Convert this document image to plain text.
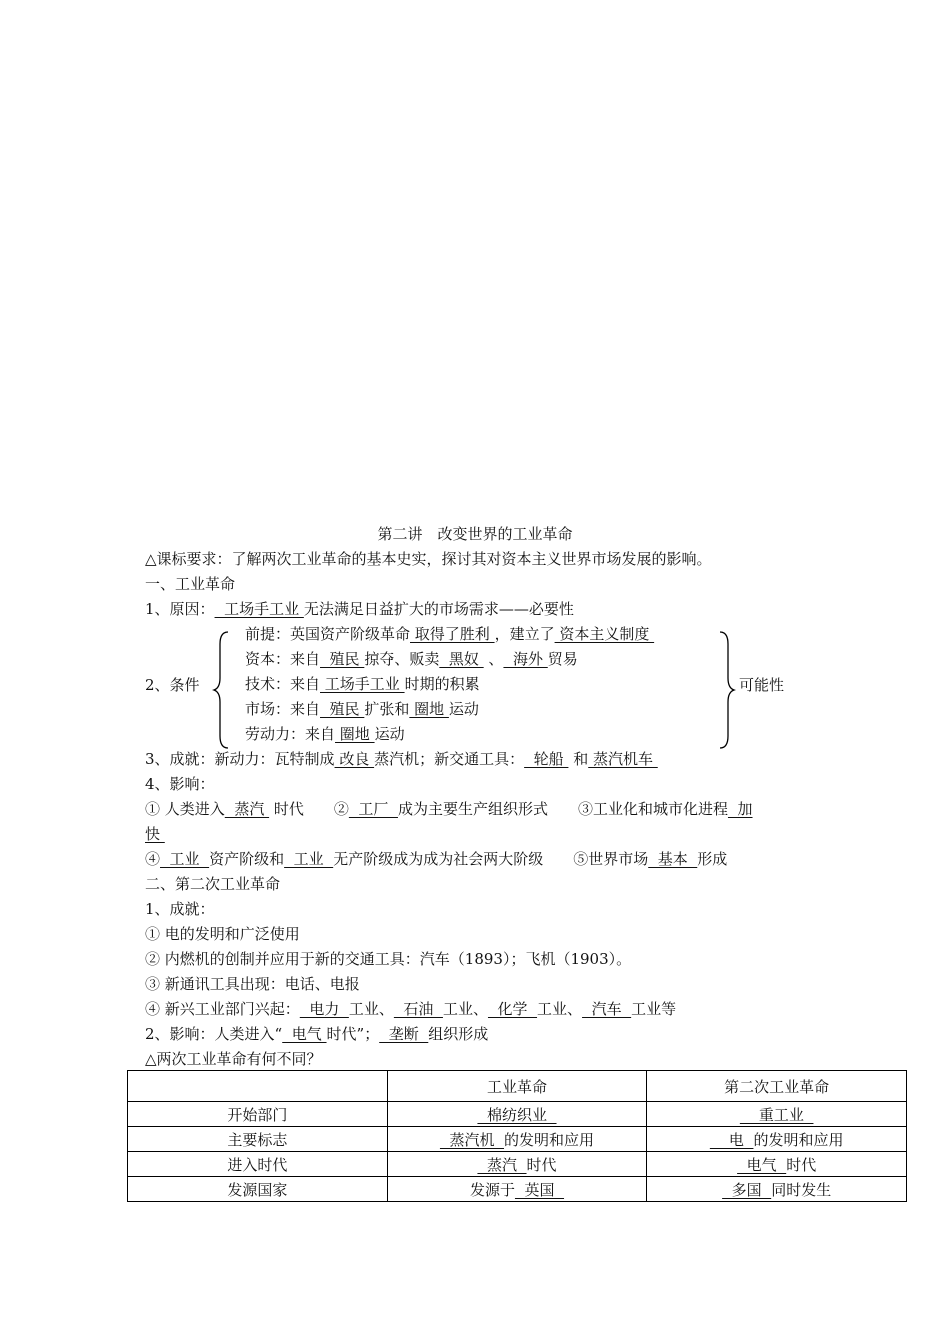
第二讲　改变世界的工业革命
△课标要求：了解两次工业革命的基本史实，探讨其对资本主义世界市场发展的影响。
一、工业革命
1、原因：  工场手工业 无法满足日益扩大的市场需求——必要性
2、条件
前提：英国资产阶级革命 取得了胜利 ，建立了 资本主义制度
资本：来自  殖民 掠夺、贩卖  黑奴  、  海外 贸易
技术：来自 工场手工业 时期的积累
市场：来自  殖民 扩张和 圈地 运动
劳动力：来自 圈地 运动
可能性
3、成就：新动力：瓦特制成 改良 蒸汽机；新交通工具：  轮船  和 蒸汽机车
4、影响：
① 人类进入  蒸汽  时代　　②  工厂  成为主要生产组织形式　　③工业化和城市化进程  加
快
④  工业  资产阶级和  工业  无产阶级成为成为社会两大阶级　　⑤世界市场  基本  形成
二、第二次工业革命
1、成就：
① 电的发明和广泛使用
② 内燃机的创制并应用于新的交通工具：汽车（1893）；飞机（1903）。
③ 新通讯工具出现：电话、电报
④ 新兴工业部门兴起：  电力  工业、  石油  工业、  化学  工业、  汽车  工业等
2、影响：人类进入“  电气 时代”；  垄断  组织形成
△两次工业革命有何不同？
	工业革命	第二次工业革命
开始部门	棉纺织业	重工业
主要标志	蒸汽机  的发明和应用	电  的发明和应用
进入时代	蒸汽  时代	电气  时代
发源国家	发源于  英国	多国  同时发生
